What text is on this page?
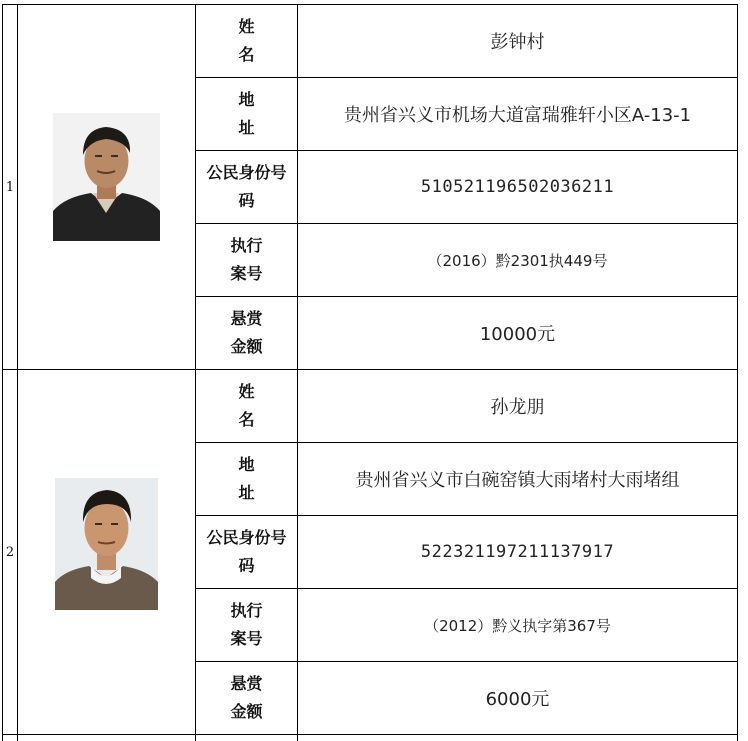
1
姓名
彭钟村
地址
贵州省兴义市机场大道富瑞雅轩小区A-13-1
公民身份号
码
510521196502036211
执行
案号
（2016）黔2301执449号
悬赏
金额
10000元
2
姓名
孙龙朋
地址
贵州省兴义市白碗窑镇大雨堵村大雨堵组
公民身份号
码
522321197211137917
执行
案号
（2012）黔义执字第367号
悬赏
金额
6000元
